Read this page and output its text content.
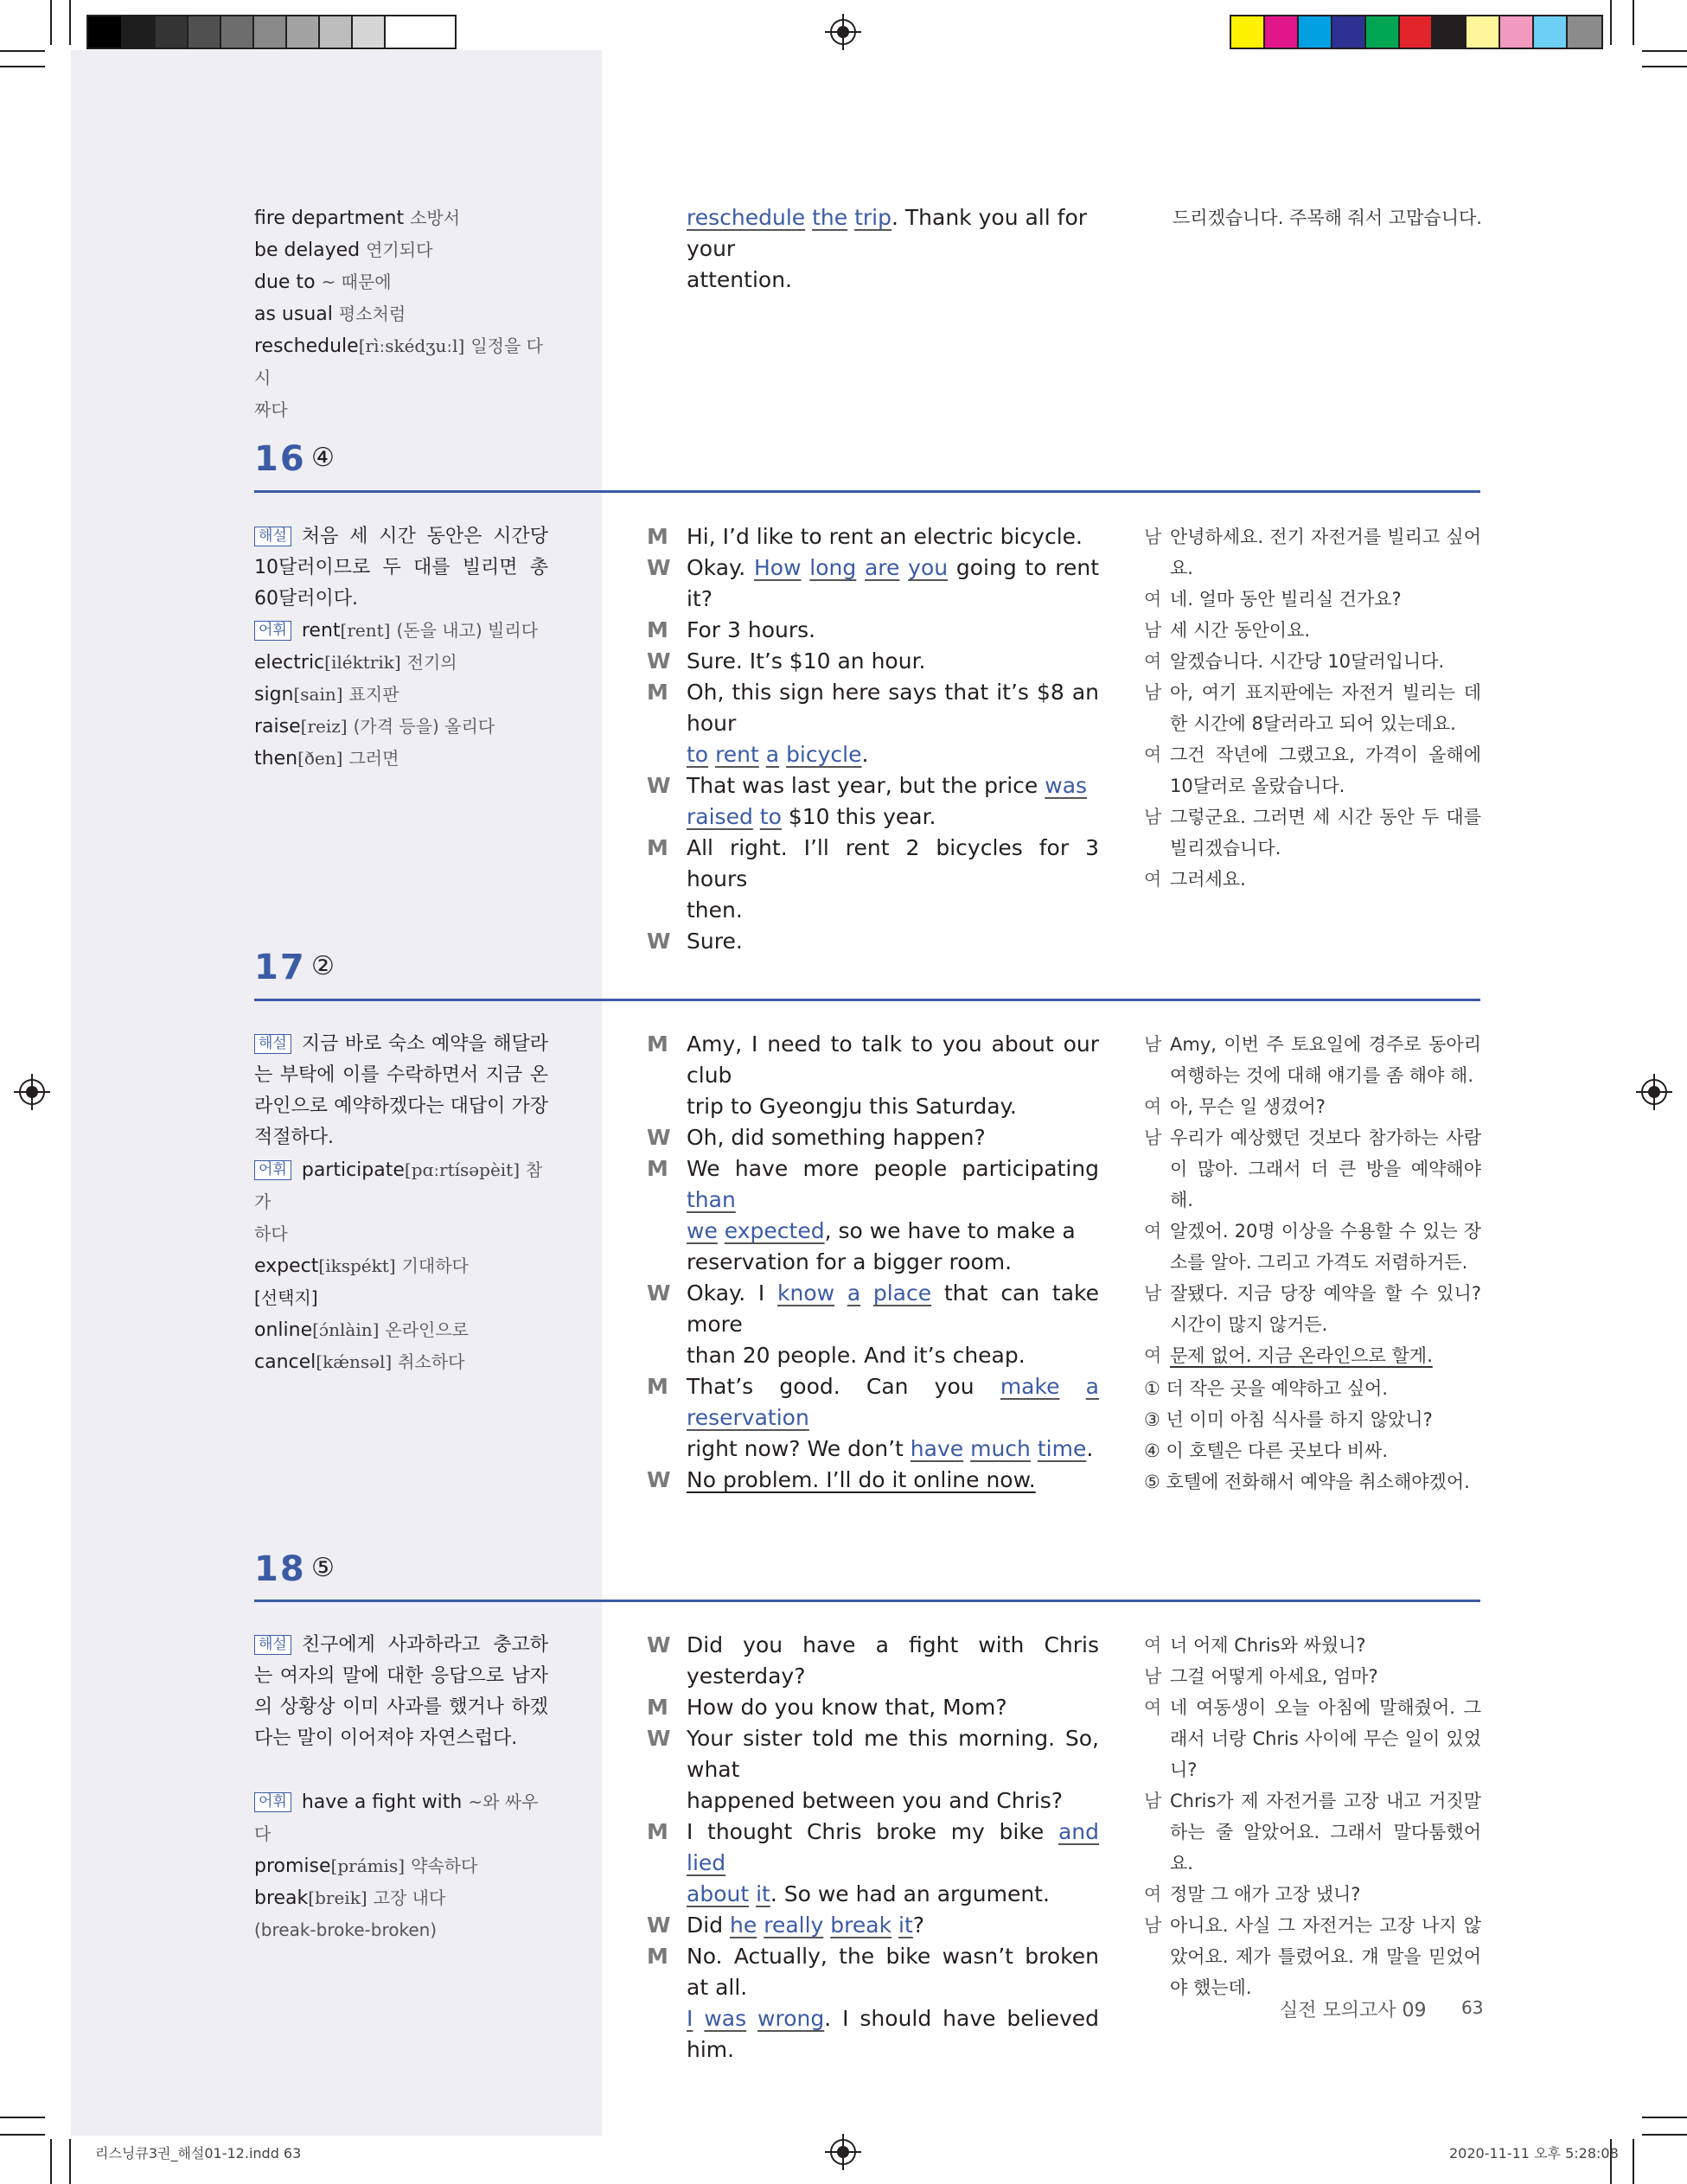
fire department 소방서
be delayed 연기되다
due to ~ 때문에
as usual 평소처럼
reschedule[rìːskédʒuːl] 일정을 다시
짜다
reschedule the trip. Thank you all for your
attention.
드리겠습니다. 주목해 줘서 고맙습니다.
16 ④
해설 처음 세 시간 동안은 시간당 10달러이므로 두 대를 빌리면 총 60달러이다.
어휘 rent[rent] (돈을 내고) 빌리다
electric[iléktrik] 전기의
sign[sain] 표지판
raise[reiz] (가격 등을) 올리다
then[ðen] 그러면
M Hi, I’d like to rent an electric bicycle.
W Okay. How long are you going to rent it?
M For 3 hours.
W Sure. It’s $10 an hour.
M Oh, this sign here says that it’s $8 an hour
to rent a bicycle.
W That was last year, but the price was
raised to $10 this year.
M All right. I’ll rent 2 bicycles for 3 hours
then.
W Sure.
남 안녕하세요. 전기 자전거를 빌리고 싶어요.
여 네. 얼마 동안 빌리실 건가요?
남 세 시간 동안이요.
여 알겠습니다. 시간당 10달러입니다.
남 아, 여기 표지판에는 자전거 빌리는 데 한 시간에 8달러라고 되어 있는데요.
여 그건 작년에 그랬고요, 가격이 올해에 10달러로 올랐습니다.
남 그렇군요. 그러면 세 시간 동안 두 대를 빌리겠습니다.
여 그러세요.
17 ②
해설 지금 바로 숙소 예약을 해달라는 부탁에 이를 수락하면서 지금 온라인으로 예약하겠다는 대답이 가장 적절하다.
어휘 participate[pɑːrtísəpèit] 참가
하다
expect[ikspékt] 기대하다
[선택지]
online[ɔ́nlàin] 온라인으로
cancel[kǽnsəl] 취소하다
M Amy, I need to talk to you about our club
trip to Gyeongju this Saturday.
W Oh, did something happen?
M We have more people participating than
we expected, so we have to make a
reservation for a bigger room.
W Okay. I know a place that can take more
than 20 people. And it’s cheap.
M That’s good. Can you make a reservation
right now? We don’t have much time.
W No problem. I’ll do it online now.
남 Amy, 이번 주 토요일에 경주로 동아리 여행하는 것에 대해 얘기를 좀 해야 해.
여 아, 무슨 일 생겼어?
남 우리가 예상했던 것보다 참가하는 사람이 많아. 그래서 더 큰 방을 예약해야 해.
여 알겠어. 20명 이상을 수용할 수 있는 장소를 알아. 그리고 가격도 저렴하거든.
남 잘됐다. 지금 당장 예약을 할 수 있니? 시간이 많지 않거든.
여 문제 없어. 지금 온라인으로 할게.
① 더 작은 곳을 예약하고 싶어.
③ 넌 이미 아침 식사를 하지 않았니?
④ 이 호텔은 다른 곳보다 비싸.
⑤ 호텔에 전화해서 예약을 취소해야겠어.
18 ⑤
해설 친구에게 사과하라고 충고하는 여자의 말에 대한 응답으로 남자의 상황상 이미 사과를 했거나 하겠다는 말이 이어져야 자연스럽다.
어휘 have a fight with ~와 싸우다
promise[prámis] 약속하다
break[breik] 고장 내다
(break-broke-broken)
W Did you have a fight with Chris yesterday?
M How do you know that, Mom?
W Your sister told me this morning. So, what
happened between you and Chris?
M I thought Chris broke my bike and lied
about it. So we had an argument.
W Did he really break it?
M No. Actually, the bike wasn’t broken at all.
I was wrong. I should have believed him.
여 너 어제 Chris와 싸웠니?
남 그걸 어떻게 아세요, 엄마?
여 네 여동생이 오늘 아침에 말해줬어. 그래서 너랑 Chris 사이에 무슨 일이 있었니?
남 Chris가 제 자전거를 고장 내고 거짓말하는 줄 알았어요. 그래서 말다툼했어요.
여 정말 그 애가 고장 냈니?
남 아니요. 사실 그 자전거는 고장 나지 않았어요. 제가 틀렸어요. 걔 말을 믿었어야 했는데.
실전 모의고사 09 63
리스닝큐3권_해설01-12.indd 63	2020-11-11 오후 5:28:08
